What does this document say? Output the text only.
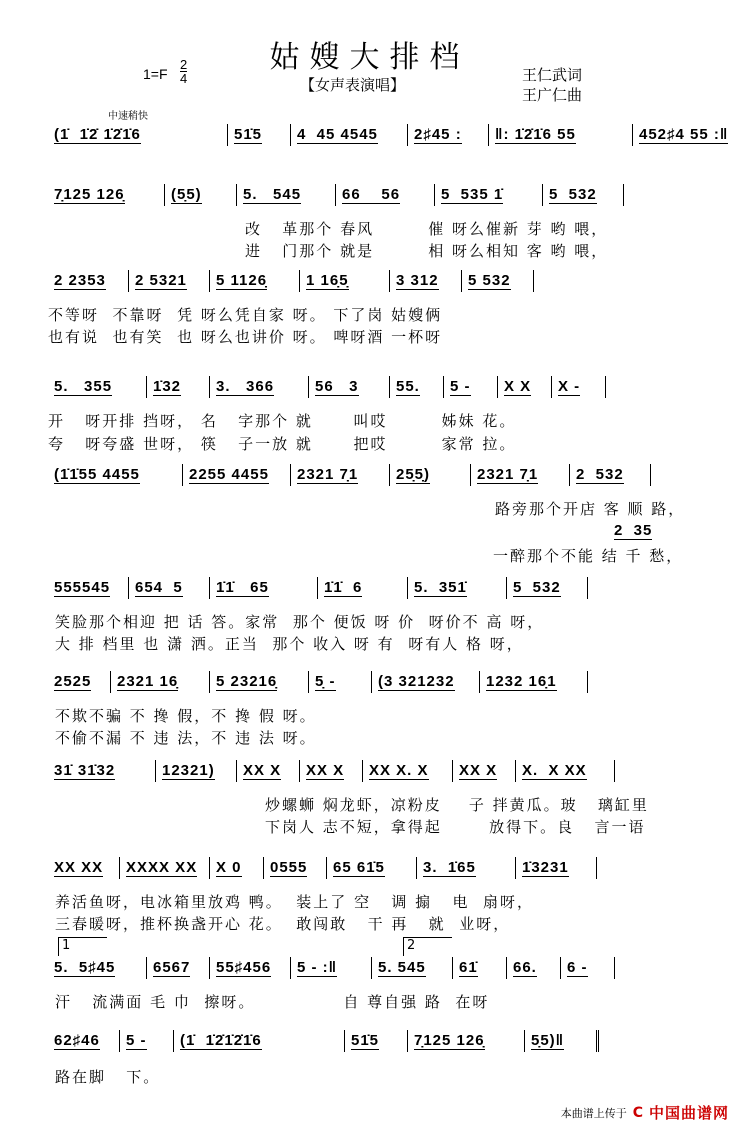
姑嫂大排档
1=F
2
4	【女声表演唱】
王仁武词
王广仁曲
中速稍快
(1̇  1̇2̇ 1̇2̇1̇6	51̇5 4  45 4545 2♯45 : ‖: 1̇2̇1̇6 55	452♯4 55 :‖
7̣125 126̣	(5̣5)	5.   545	66    56	5  535 1̇	5  532
改   革那个 春风        催 呀么催新 芽 哟 喂，
进   门那个 就是        相 呀么相知 客 哟 喂，
2 2353 2 5321 5 1126̣	1 16̣5̣	3 312 5 532
不等呀  不靠呀  凭 呀么凭自家 呀。 下了岗 姑嫂俩
也有说  也有笑  也 呀么也讲价 呀。 啤呀酒 一杯呀
5.   355	1̇32 3.   366	56   3 55. 5 - X X X -
开   呀开排 挡呀， 名   字那个 就      叫哎        姊妹 花。
夸   呀夸盛 世呀， 筷   子一放 就      把哎        家常 拉。
(1̇1̇55 4455	2255 4455 2321 7̣1	25̣5̣)	2321 7̣1	2  532
路旁那个开店 客 顺 路，
2  35
一醉那个不能 结 千 愁，
555545 654  5 1̇1̇   65	1̇1̇  6	5.  351̇	5  532
笑脸那个相迎 把 话 答。家常  那个 便饭 呀 价  呀价不 高 呀，
大 排 档里 也 潇 洒。正当  那个 收入 呀 有  呀有人 格 呀，
2525 2321 16̣	5 23216̣	5̣ -	(3 321232 1232 16̣1
不欺不骗 不 搀 假，不 搀 假 呀。
不偷不漏 不 违 法，不 违 法 呀。
31̇ 31̇32	12321) XX X XX X XX X. X XX X X.  X XX
炒螺蛳 焖龙虾，凉粉皮    子 拌黄瓜。玻   璃缸里
下岗人 志不短，拿得起       放得下。良   言一语
XX XX XXXX XX X 0 0555 65 61̇5	3.  1̇65	1̇3231
养活鱼呀，电冰箱里放鸡 鸭。  装上了 空   调 搧   电  扇呀，
三春暖呀，推杯换盏开心 花。  敢闯敢   干 再   就  业呀，
5.  5♯45	6567 55♯456 5 - :‖	5. 545 61̇ 66. 6 -
汗   流满面 毛 巾  擦呀。             自 尊自强 路  在呀
1	2
62♯46 5 - (1̇  1̇2̇1̇2̇1̇6	51̇5 7̣125 126̣	5̣5)‖
路在脚   下。
本曲谱上传于 C 中国曲谱网
